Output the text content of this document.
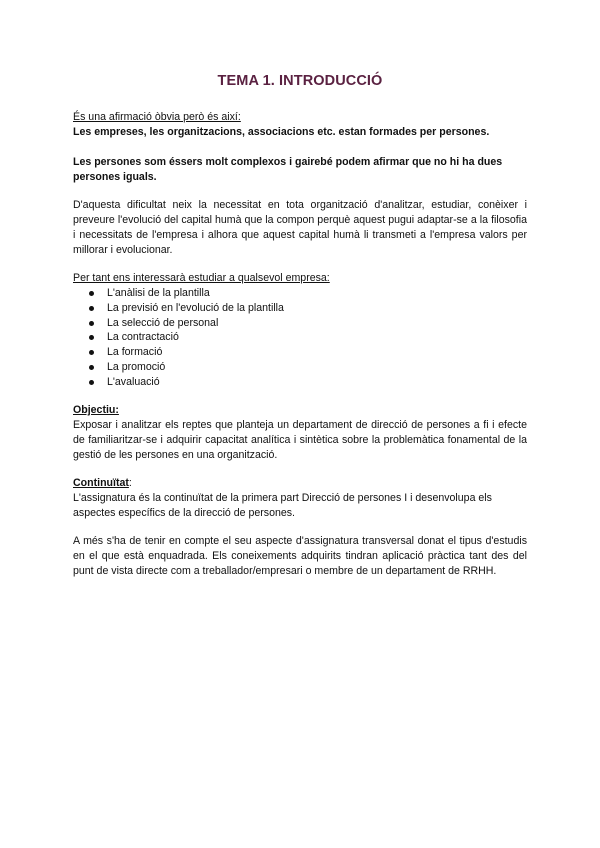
TEMA 1. INTRODUCCIÓ

És una afirmació òbvia però és així:

Les empreses, les organitzacions, associacions etc. estan formades per persones.

Les persones som éssers molt complexos i gairebé podem afirmar que no hi ha dues persones iguals.

D'aquesta dificultat neix la necessitat en tota organització d'analitzar, estudiar, conèixer i preveure l'evolució del capital humà que la compon perquè aquest pugui adaptar-se a la filosofia i necessitats de l'empresa i alhora que aquest capital humà li transmeti a l'empresa valors per millorar i evolucionar.

Per tant ens interessarà estudiar a qualsevol empresa:

L'anàlisi de la plantilla
La previsió en l'evolució de la plantilla
La selecció de personal
La contractació
La formació
La promoció
L'avaluació

Objectiu:

Exposar i analitzar els reptes que planteja un departament de direcció de persones a fi i efecte de familiaritzar-se i adquirir capacitat analítica i sintètica sobre la problemàtica fonamental de la gestió de les persones en una organització.

Continuïtat:

L'assignatura és la continuïtat de la primera part Direcció de persones I i desenvolupa els aspectes específics de la direcció de persones.

A més s'ha de tenir en compte el seu aspecte d'assignatura transversal donat el tipus d'estudis en el que està enquadrada. Els coneixements adquirits tindran aplicació pràctica tant des del punt de vista directe com a treballador/empresari o membre de un departament de RRHH.
